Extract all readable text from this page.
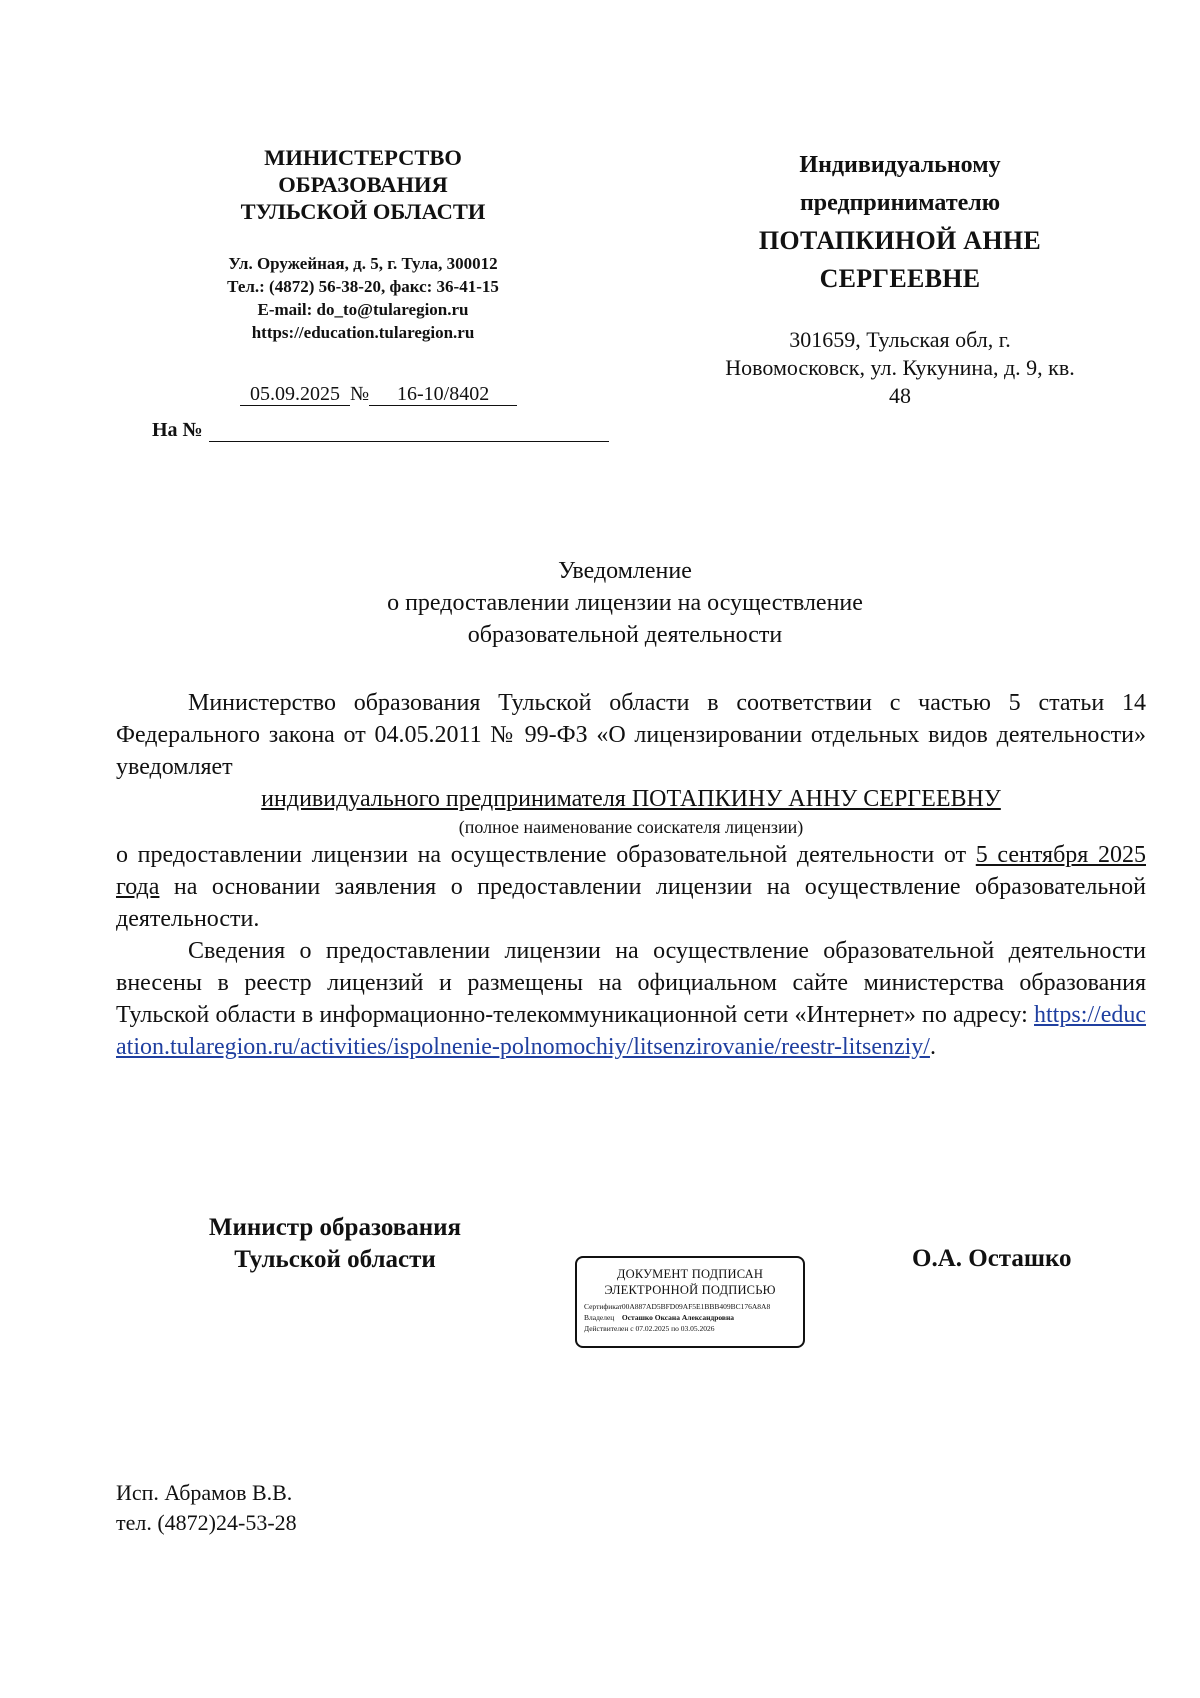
МИНИСТЕРСТВО
ОБРАЗОВАНИЯ
ТУЛЬСКОЙ ОБЛАСТИ
Ул. Оружейная, д. 5, г. Тула, 300012
Тел.: (4872) 56-38-20, факс: 36-41-15
E-mail: do_to@tularegion.ru
https://education.tularegion.ru
05.09.2025 № 16-10/8402
На №
Индивидуальному
предпринимателю
ПОТАПКИНОЙ АННЕ
СЕРГЕЕВНЕ
301659, Тульская обл, г.
Новомосковск, ул. Кукунина, д. 9, кв.
48
Уведомление
о предоставлении лицензии на осуществление
образовательной деятельности

Министерство образования Тульской области в соответствии с частью 5 статьи 14 Федерального закона от 04.05.2011 № 99-ФЗ «О лицензировании отдельных видов деятельности» уведомляет

индивидуального предпринимателя ПОТАПКИНУ АННУ СЕРГЕЕВНУ

(полное наименование соискателя лицензии)

о предоставлении лицензии на осуществление образовательной деятельности от 5 сентября 2025 года на основании заявления о предоставлении лицензии на осуществление образовательной деятельности.

Сведения о предоставлении лицензии на осуществление образовательной деятельности внесены в реестр лицензий и размещены на официальном сайте министерства образования Тульской области в информационно-телекоммуникационной сети «Интернет» по адресу: https://education.tularegion.ru/activities/ispolnenie-polnomochiy/litsenzirovanie/reestr-litsenziy/.

Министр образования
Тульской области
ДОКУМЕНТ ПОДПИСАН
ЭЛЕКТРОННОЙ ПОДПИСЬЮ
Сертификат 00A887AD5BFD09AF5E1BBB409BC176A8A8
Владелец Осташко Оксана Александровна
Действителен с 07.02.2025 по 03.05.2026
О.А. Осташко
Исп. Абрамов В.В.
тел. (4872)24-53-28
